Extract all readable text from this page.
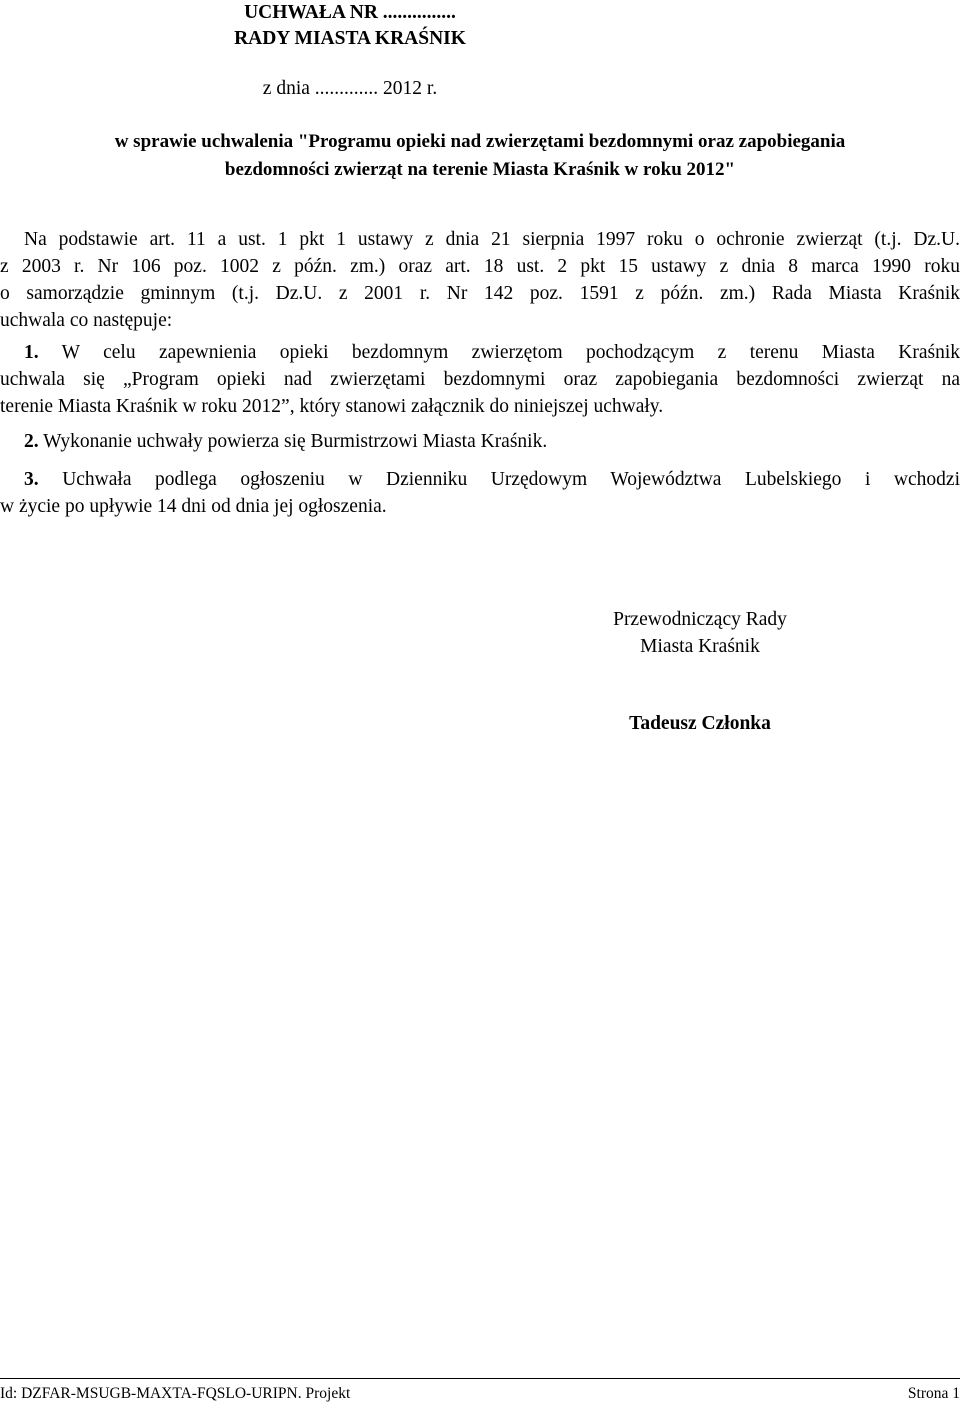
UCHWAŁA NR ...............
RADY MIASTA KRAŚNIK
z dnia ............. 2012 r.
w sprawie uchwalenia "Programu opieki nad zwierzętami bezdomnymi oraz zapobiegania
bezdomności zwierząt na terenie Miasta Kraśnik w roku 2012"
Na podstawie art. 11 a ust. 1 pkt 1 ustawy z dnia 21 sierpnia 1997 roku o ochronie zwierząt (t.j. Dz.U.
z 2003 r. Nr 106 poz. 1002 z późn. zm.) oraz art. 18 ust. 2 pkt 15 ustawy z dnia 8 marca 1990 roku
o samorządzie gminnym (t.j. Dz.U. z 2001 r. Nr 142 poz. 1591 z późn. zm.) Rada Miasta Kraśnik
uchwala co następuje:
1. W celu zapewnienia opieki bezdomnym zwierzętom pochodzącym z terenu Miasta Kraśnik
uchwala się „Program opieki nad zwierzętami bezdomnymi oraz zapobiegania bezdomności zwierząt na
terenie Miasta Kraśnik w roku 2012”, który stanowi załącznik do niniejszej uchwały.
2. Wykonanie uchwały powierza się Burmistrzowi Miasta Kraśnik.
3. Uchwała podlega ogłoszeniu w Dzienniku Urzędowym Województwa Lubelskiego i wchodzi
w życie po upływie 14 dni od dnia jej ogłoszenia.
Przewodniczący Rady
Miasta Kraśnik
Tadeusz Członka
Id: DZFAR-MSUGB-MAXTA-FQSLO-URIPN. Projekt	Strona 1
